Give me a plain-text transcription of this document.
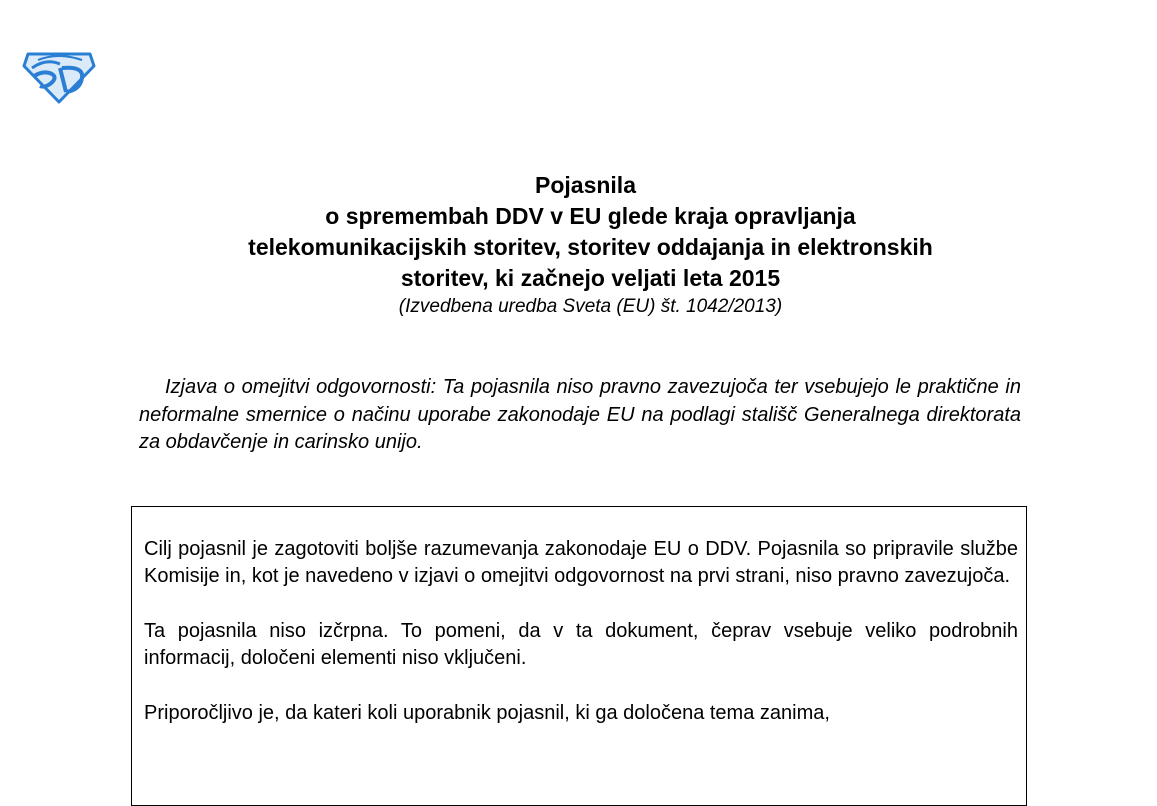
Pojasnila
o spremembah DDV v EU glede kraja opravljanja
telekomunikacijskih storitev, storitev oddajanja in elektronskih
storitev, ki začnejo veljati leta 2015
(Izvedbena uredba Sveta (EU) št. 1042/2013)
Izjava o omejitvi odgovornosti: Ta pojasnila niso pravno zavezujoča ter vsebujejo le praktične in neformalne smernice o načinu uporabe zakonodaje EU na podlagi stališč Generalnega direktorata za obdavčenje in carinsko unijo.

Cilj pojasnil je zagotoviti boljše razumevanja zakonodaje EU o DDV. Pojasnila so pripravile službe Komisije in, kot je navedeno v izjavi o omejitvi odgovornost na prvi strani, niso pravno zavezujoča.

Ta pojasnila niso izčrpna. To pomeni, da v ta dokument, čeprav vsebuje veliko podrobnih informacij, določeni elementi niso vključeni.

Priporočljivo je, da kateri koli uporabnik pojasnil, ki ga določena tema zanima,
